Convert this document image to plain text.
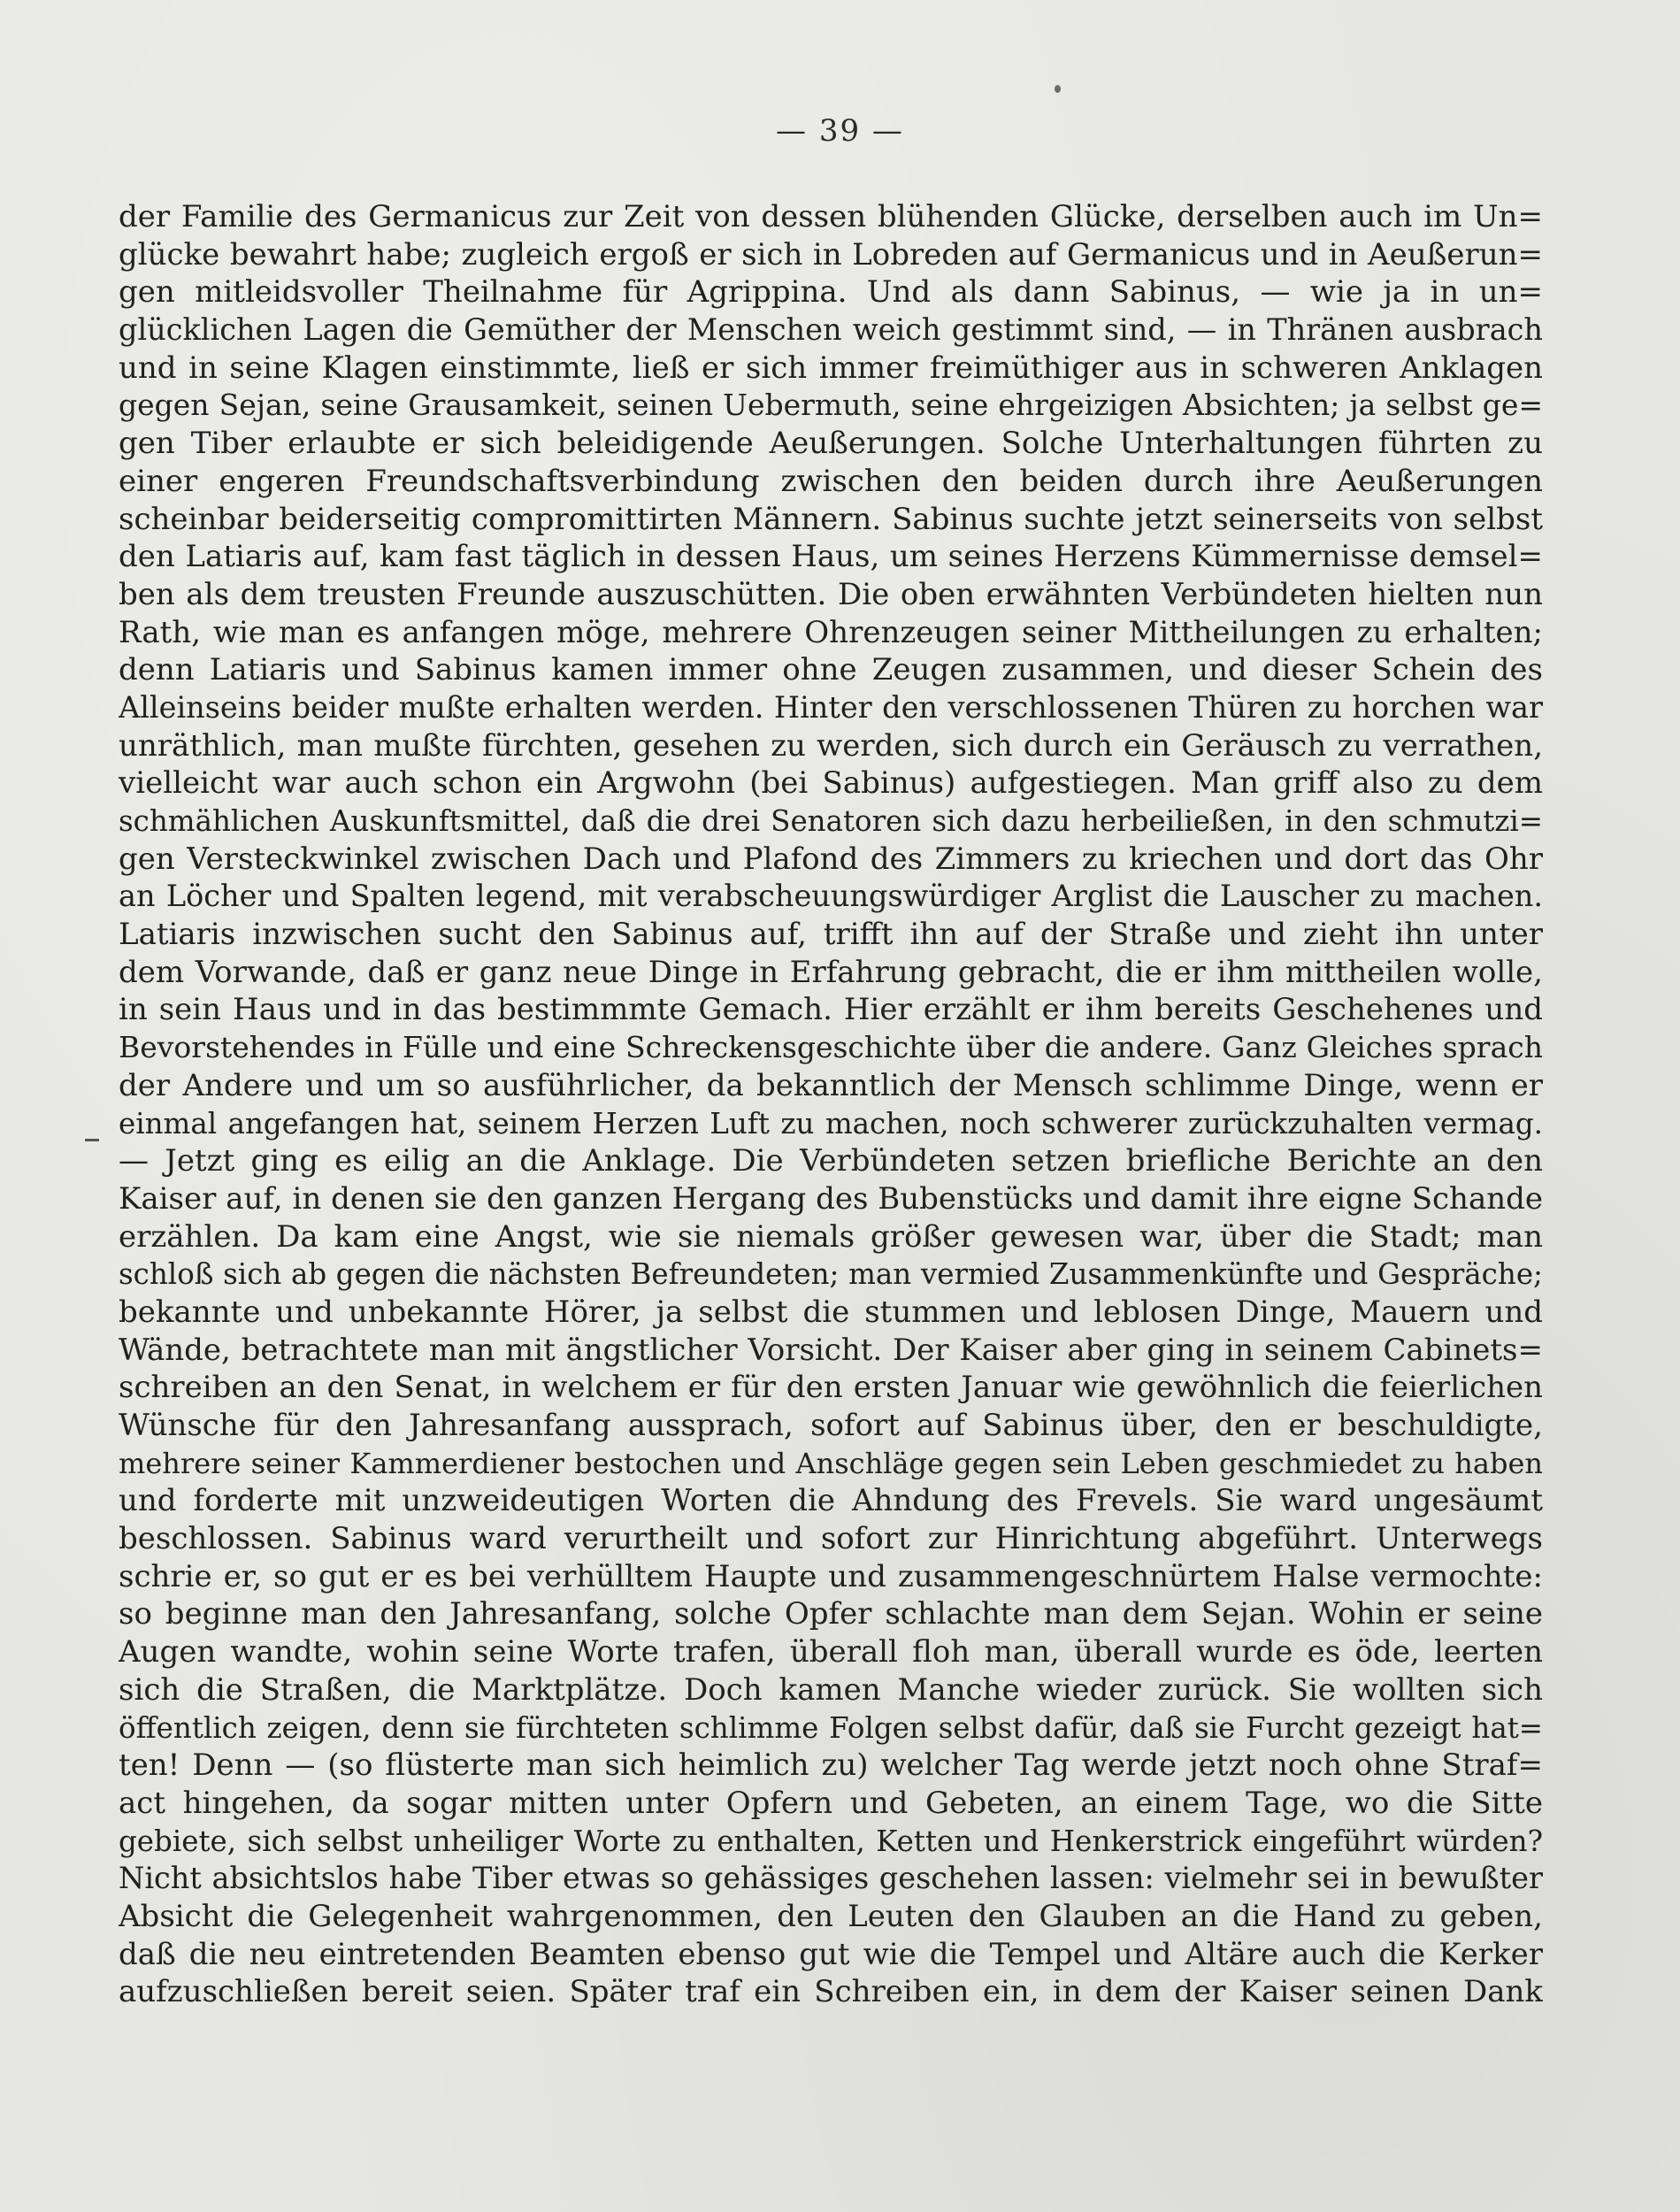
— 39 —
der Familie des Germanicus zur Zeit von dessen blühenden Glücke, derselben auch im Un=
glücke bewahrt habe; zugleich ergoß er sich in Lobreden auf Germanicus und in Aeußerun=
gen mitleidsvoller Theilnahme für Agrippina. Und als dann Sabinus, — wie ja in un=
glücklichen Lagen die Gemüther der Menschen weich gestimmt sind, — in Thränen ausbrach
und in seine Klagen einstimmte, ließ er sich immer freimüthiger aus in schweren Anklagen
gegen Sejan, seine Grausamkeit, seinen Uebermuth, seine ehrgeizigen Absichten; ja selbst ge=
gen Tiber erlaubte er sich beleidigende Aeußerungen. Solche Unterhaltungen führten zu
einer engeren Freundschaftsverbindung zwischen den beiden durch ihre Aeußerungen
scheinbar beiderseitig compromittirten Männern. Sabinus suchte jetzt seinerseits von selbst
den Latiaris auf, kam fast täglich in dessen Haus, um seines Herzens Kümmernisse demsel=
ben als dem treusten Freunde auszuschütten. Die oben erwähnten Verbündeten hielten nun
Rath, wie man es anfangen möge, mehrere Ohrenzeugen seiner Mittheilungen zu erhalten;
denn Latiaris und Sabinus kamen immer ohne Zeugen zusammen, und dieser Schein des
Alleinseins beider mußte erhalten werden. Hinter den verschlossenen Thüren zu horchen war
unräthlich, man mußte fürchten, gesehen zu werden, sich durch ein Geräusch zu verrathen,
vielleicht war auch schon ein Argwohn (bei Sabinus) aufgestiegen. Man griff also zu dem
schmählichen Auskunftsmittel, daß die drei Senatoren sich dazu herbeiließen, in den schmutzi=
gen Versteckwinkel zwischen Dach und Plafond des Zimmers zu kriechen und dort das Ohr
an Löcher und Spalten legend, mit verabscheuungswürdiger Arglist die Lauscher zu machen.
Latiaris inzwischen sucht den Sabinus auf, trifft ihn auf der Straße und zieht ihn unter
dem Vorwande, daß er ganz neue Dinge in Erfahrung gebracht, die er ihm mittheilen wolle,
in sein Haus und in das bestimmmte Gemach. Hier erzählt er ihm bereits Geschehenes und
Bevorstehendes in Fülle und eine Schreckensgeschichte über die andere. Ganz Gleiches sprach
der Andere und um so ausführlicher, da bekanntlich der Mensch schlimme Dinge, wenn er
einmal angefangen hat, seinem Herzen Luft zu machen, noch schwerer zurückzuhalten vermag.
— Jetzt ging es eilig an die Anklage. Die Verbündeten setzen briefliche Berichte an den
Kaiser auf, in denen sie den ganzen Hergang des Bubenstücks und damit ihre eigne Schande
erzählen. Da kam eine Angst, wie sie niemals größer gewesen war, über die Stadt; man
schloß sich ab gegen die nächsten Befreundeten; man vermied Zusammenkünfte und Gespräche;
bekannte und unbekannte Hörer, ja selbst die stummen und leblosen Dinge, Mauern und
Wände, betrachtete man mit ängstlicher Vorsicht. Der Kaiser aber ging in seinem Cabinets=
schreiben an den Senat, in welchem er für den ersten Januar wie gewöhnlich die feierlichen
Wünsche für den Jahresanfang aussprach, sofort auf Sabinus über, den er beschuldigte,
mehrere seiner Kammerdiener bestochen und Anschläge gegen sein Leben geschmiedet zu haben
und forderte mit unzweideutigen Worten die Ahndung des Frevels. Sie ward ungesäumt
beschlossen. Sabinus ward verurtheilt und sofort zur Hinrichtung abgeführt. Unterwegs
schrie er, so gut er es bei verhülltem Haupte und zusammengeschnürtem Halse vermochte:
so beginne man den Jahresanfang, solche Opfer schlachte man dem Sejan. Wohin er seine
Augen wandte, wohin seine Worte trafen, überall floh man, überall wurde es öde, leerten
sich die Straßen, die Marktplätze. Doch kamen Manche wieder zurück. Sie wollten sich
öffentlich zeigen, denn sie fürchteten schlimme Folgen selbst dafür, daß sie Furcht gezeigt hat=
ten! Denn — (so flüsterte man sich heimlich zu) welcher Tag werde jetzt noch ohne Straf=
act hingehen, da sogar mitten unter Opfern und Gebeten, an einem Tage, wo die Sitte
gebiete, sich selbst unheiliger Worte zu enthalten, Ketten und Henkerstrick eingeführt würden?
Nicht absichtslos habe Tiber etwas so gehässiges geschehen lassen: vielmehr sei in bewußter
Absicht die Gelegenheit wahrgenommen, den Leuten den Glauben an die Hand zu geben,
daß die neu eintretenden Beamten ebenso gut wie die Tempel und Altäre auch die Kerker
aufzuschließen bereit seien. Später traf ein Schreiben ein, in dem der Kaiser seinen Dank
